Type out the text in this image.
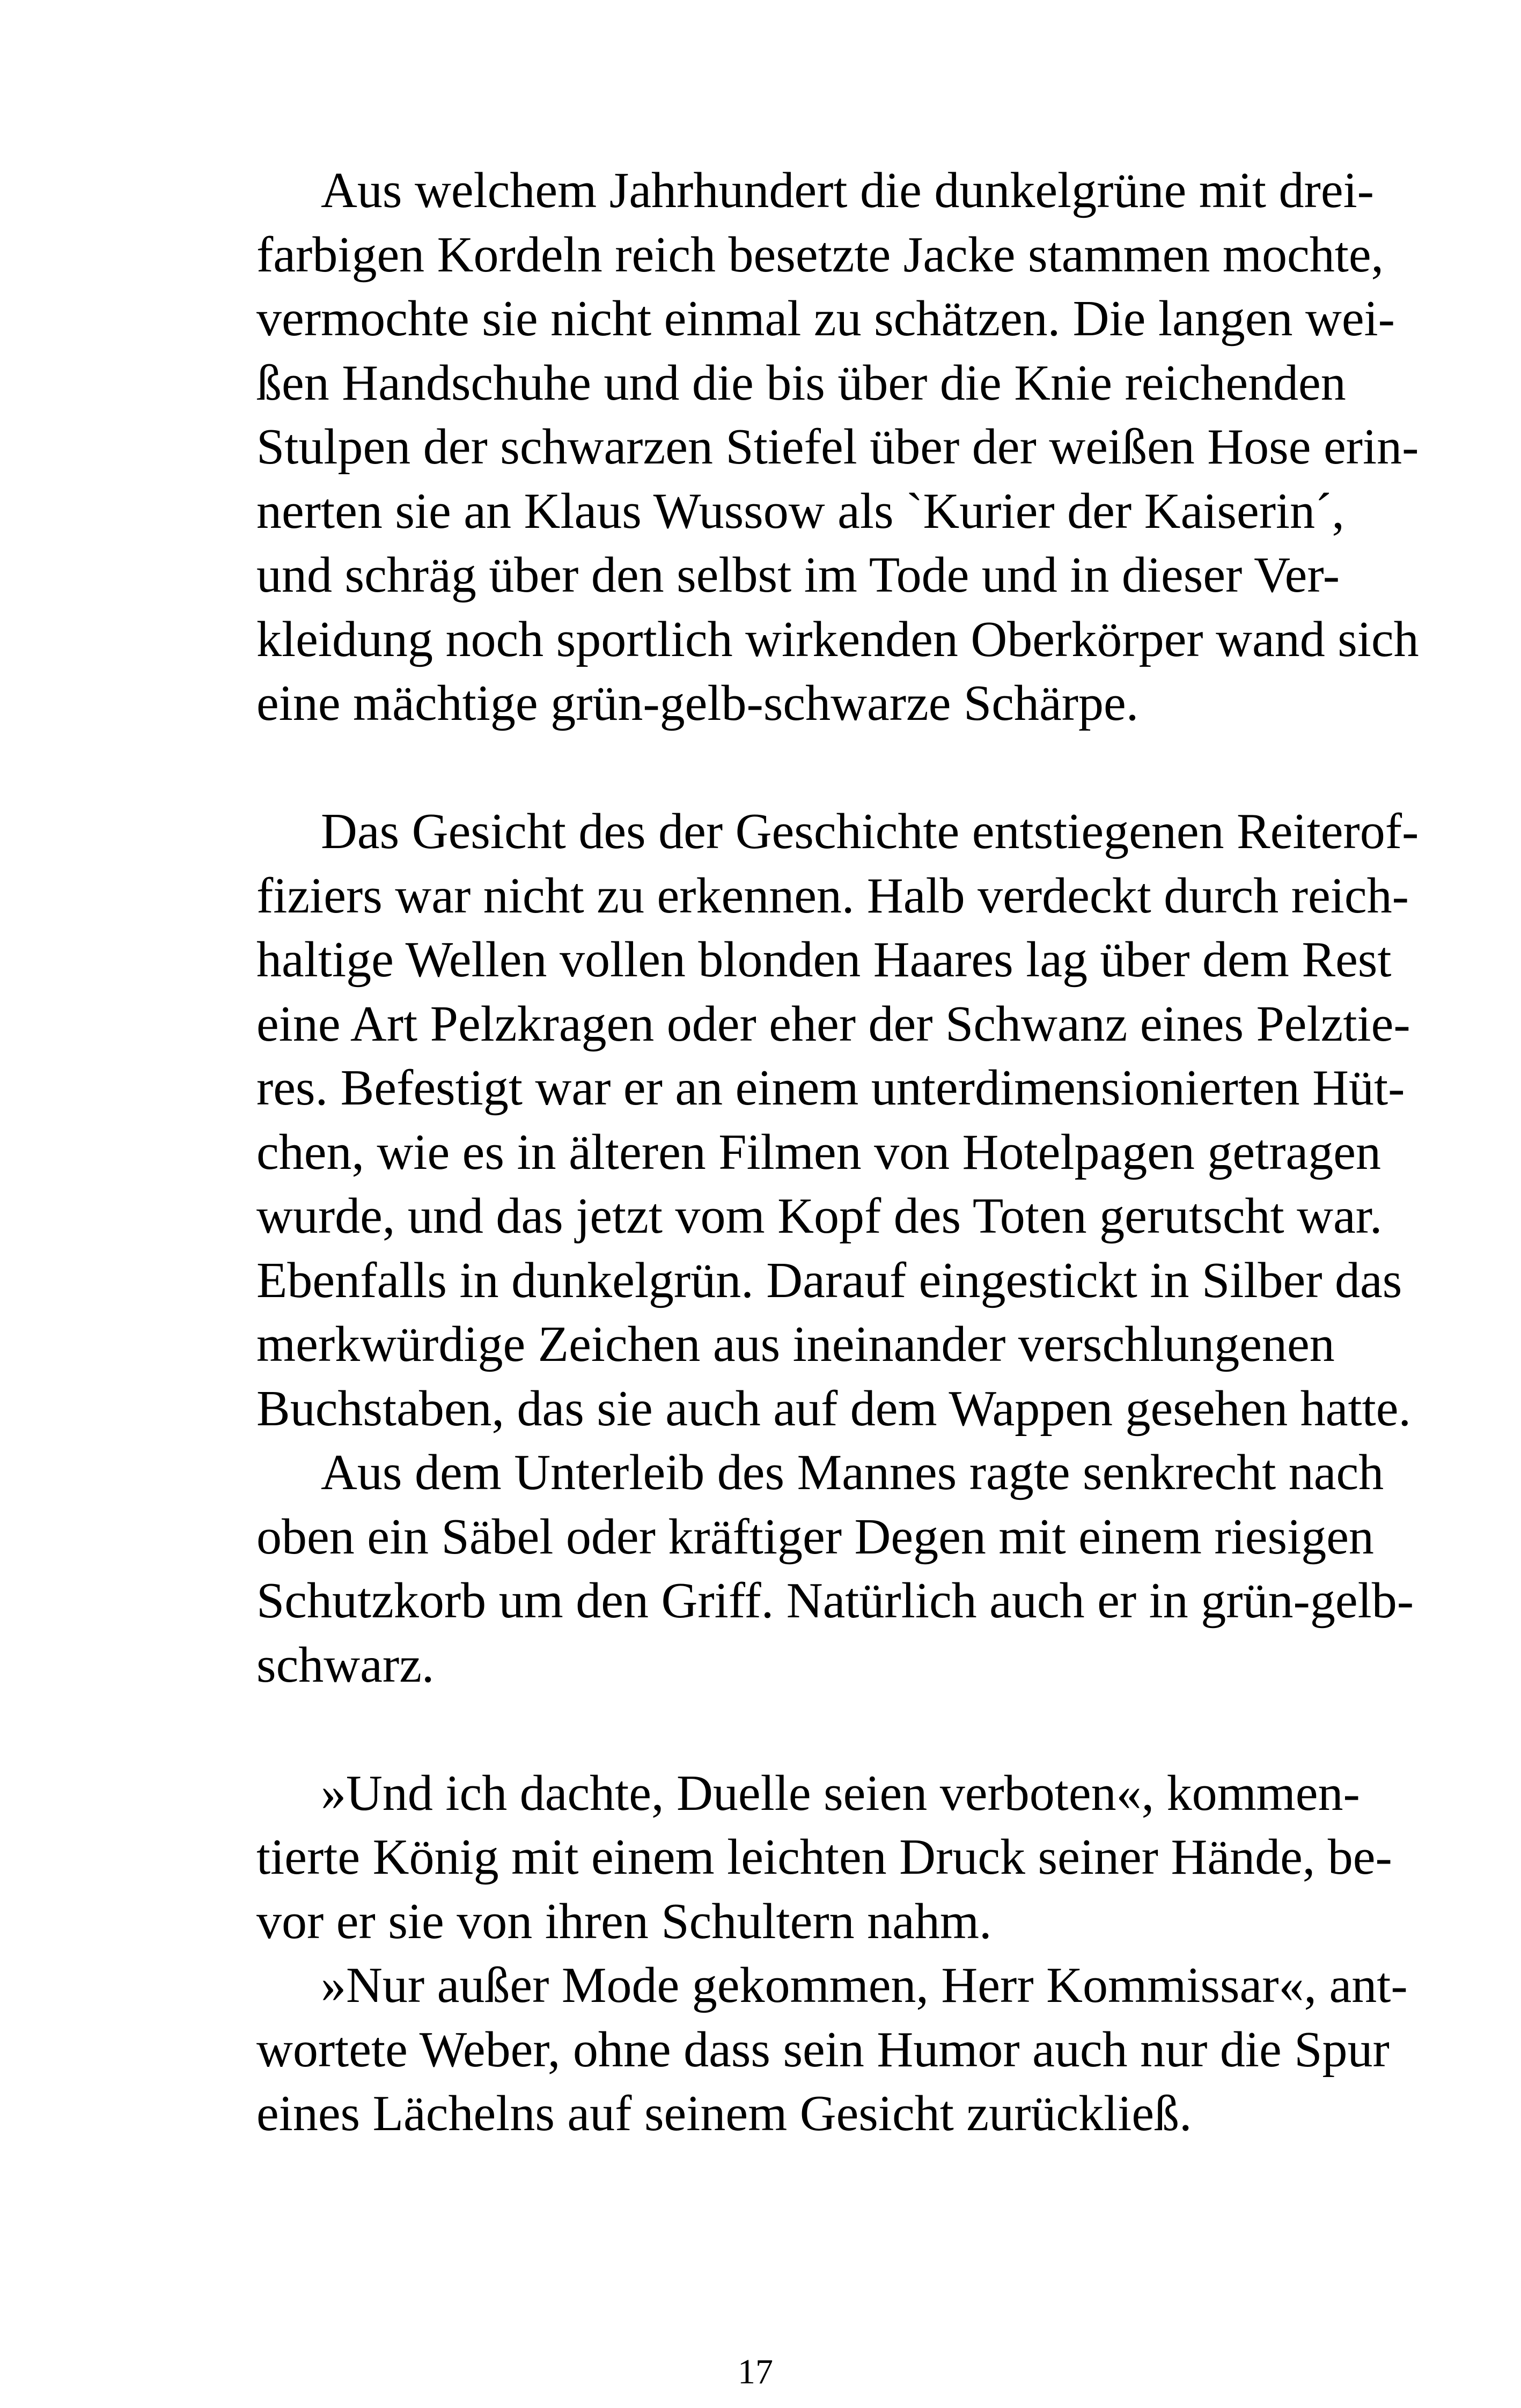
Aus welchem Jahrhundert die dunkelgrüne mit drei-
farbigen Kordeln reich besetzte Jacke stammen mochte,
vermochte sie nicht einmal zu schätzen. Die langen wei-
ßen Handschuhe und die bis über die Knie reichenden
Stulpen der schwarzen Stiefel über der weißen Hose erin-
nerten sie an Klaus Wussow als `Kurier der Kaiserin´,
und schräg über den selbst im Tode und in dieser Ver-
kleidung noch sportlich wirkenden Oberkörper wand sich
eine mächtige grün-gelb-schwarze Schärpe.
Das Gesicht des der Geschichte entstiegenen Reiterof-
fiziers war nicht zu erkennen. Halb verdeckt durch reich-
haltige Wellen vollen blonden Haares lag über dem Rest
eine Art Pelzkragen oder eher der Schwanz eines Pelztie-
res. Befestigt war er an einem unterdimensionierten Hüt-
chen, wie es in älteren Filmen von Hotelpagen getragen
wurde, und das jetzt vom Kopf des Toten gerutscht war.
Ebenfalls in dunkelgrün. Darauf eingestickt in Silber das
merkwürdige Zeichen aus ineinander verschlungenen
Buchstaben, das sie auch auf dem Wappen gesehen hatte.
Aus dem Unterleib des Mannes ragte senkrecht nach
oben ein Säbel oder kräftiger Degen mit einem riesigen
Schutzkorb um den Griff. Natürlich auch er in grün-gelb-
schwarz.
»Und ich dachte, Duelle seien verboten«, kommen-
tierte König mit einem leichten Druck seiner Hände, be-
vor er sie von ihren Schultern nahm.
»Nur außer Mode gekommen, Herr Kommissar«, ant-
wortete Weber, ohne dass sein Humor auch nur die Spur
eines Lächelns auf seinem Gesicht zurückließ.
17
